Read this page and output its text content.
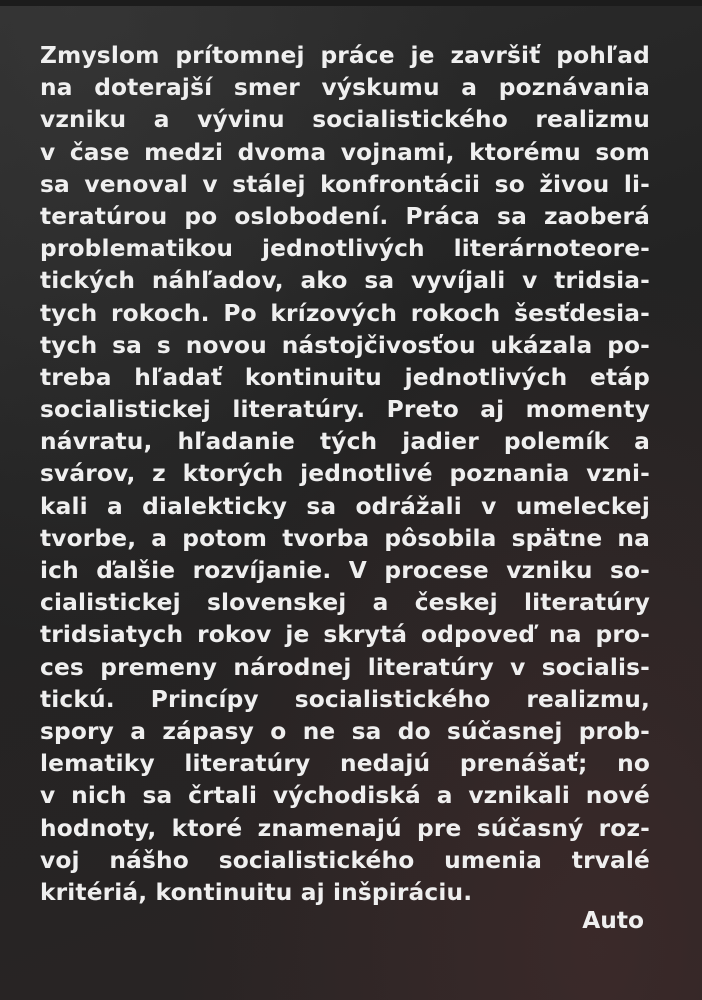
Zmyslom prítomnej práce je završiť pohľad
na doterajší smer výskumu a poznávania
vzniku a vývinu socialistického realizmu
v čase medzi dvoma vojnami, ktorému som
sa venoval v stálej konfrontácii so živou li-
teratúrou po oslobodení. Práca sa zaoberá
problematikou jednotlivých literárnoteore-
tických náhľadov, ako sa vyvíjali v tridsia-
tych rokoch. Po krízových rokoch šesťdesia-
tych sa s novou nástojčivosťou ukázala po-
treba hľadať kontinuitu jednotlivých etáp
socialistickej literatúry. Preto aj momenty
návratu, hľadanie tých jadier polemík a
svárov, z ktorých jednotlivé poznania vzni-
kali a dialekticky sa odrážali v umeleckej
tvorbe, a potom tvorba pôsobila spätne na
ich ďalšie rozvíjanie. V procese vzniku so-
cialistickej slovenskej a českej literatúry
tridsiatych rokov je skrytá odpoveď na pro-
ces premeny národnej literatúry v socialis-
tickú. Princípy socialistického realizmu,
spory a zápasy o ne sa do súčasnej prob-
lematiky literatúry nedajú prenášať; no
v nich sa črtali východiská a vznikali nové
hodnoty, ktoré znamenajú pre súčasný roz-
voj nášho socialistického umenia trvalé
kritériá, kontinuitu aj inšpiráciu.

Auto
